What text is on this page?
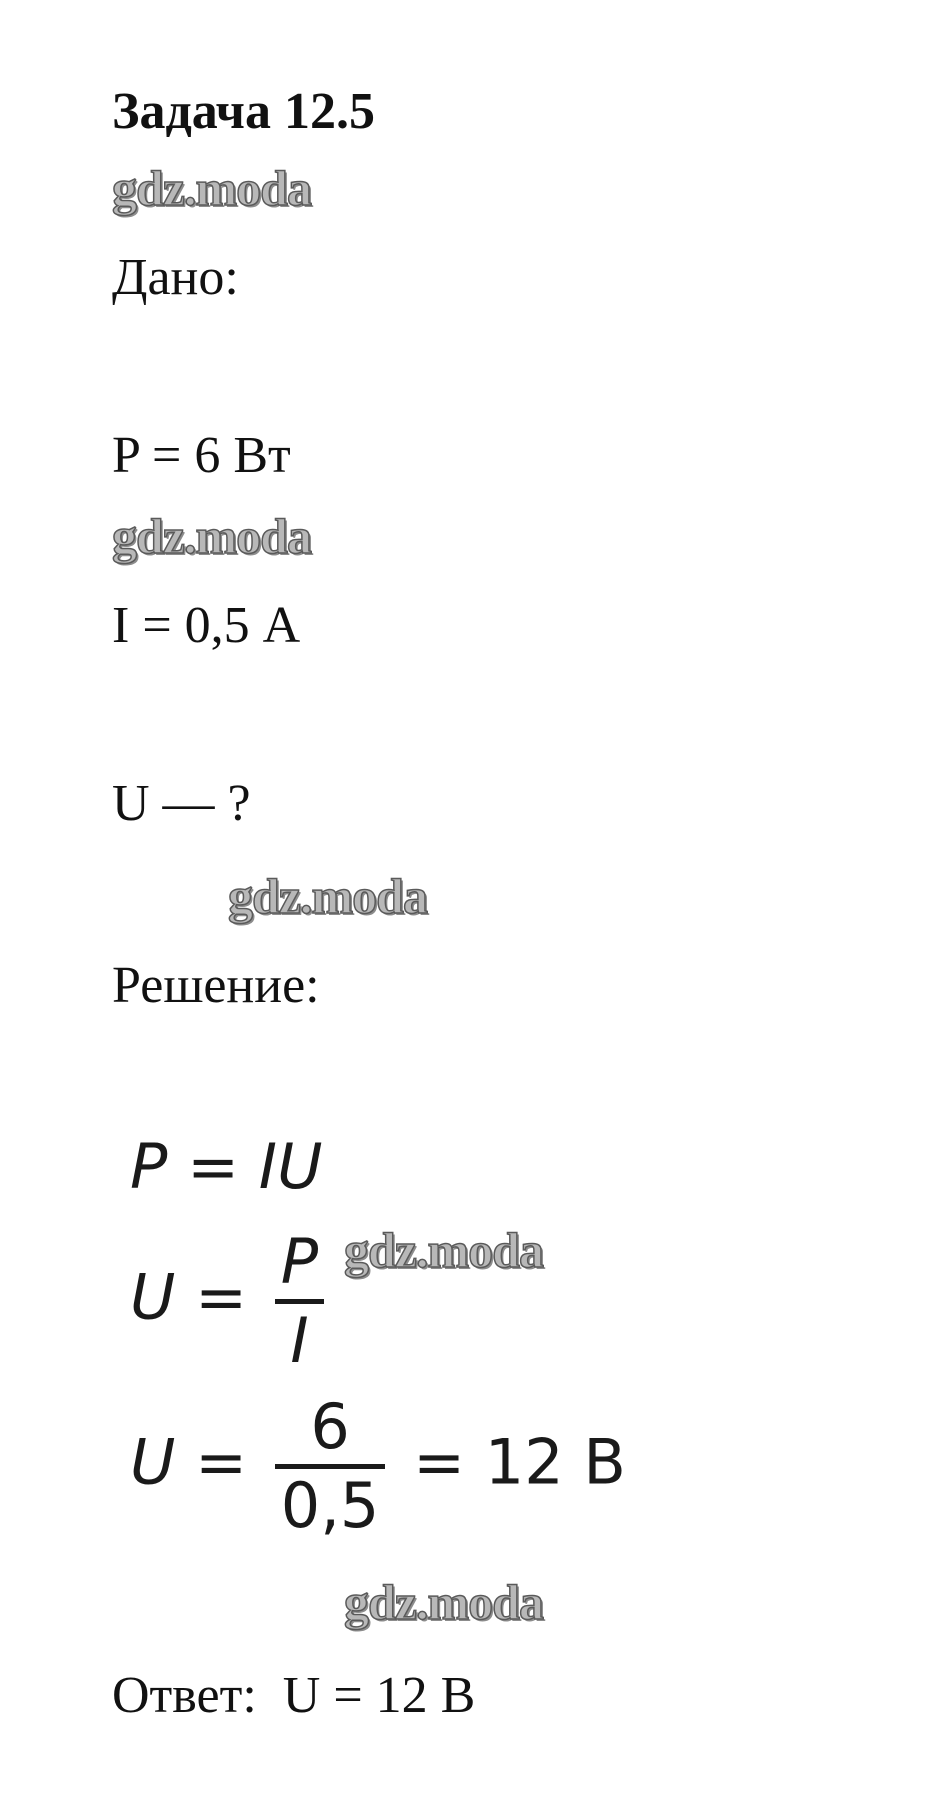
Задача 12.5
gdz.moda
Дано:
P = 6 Вт
gdz.moda
I = 0,5 А
U — ?
gdz.moda
Решение:
P = IU
gdz.moda
U = P
I
U = 6
0,5
= 12 В
gdz.moda
Ответ: U = 12 В
